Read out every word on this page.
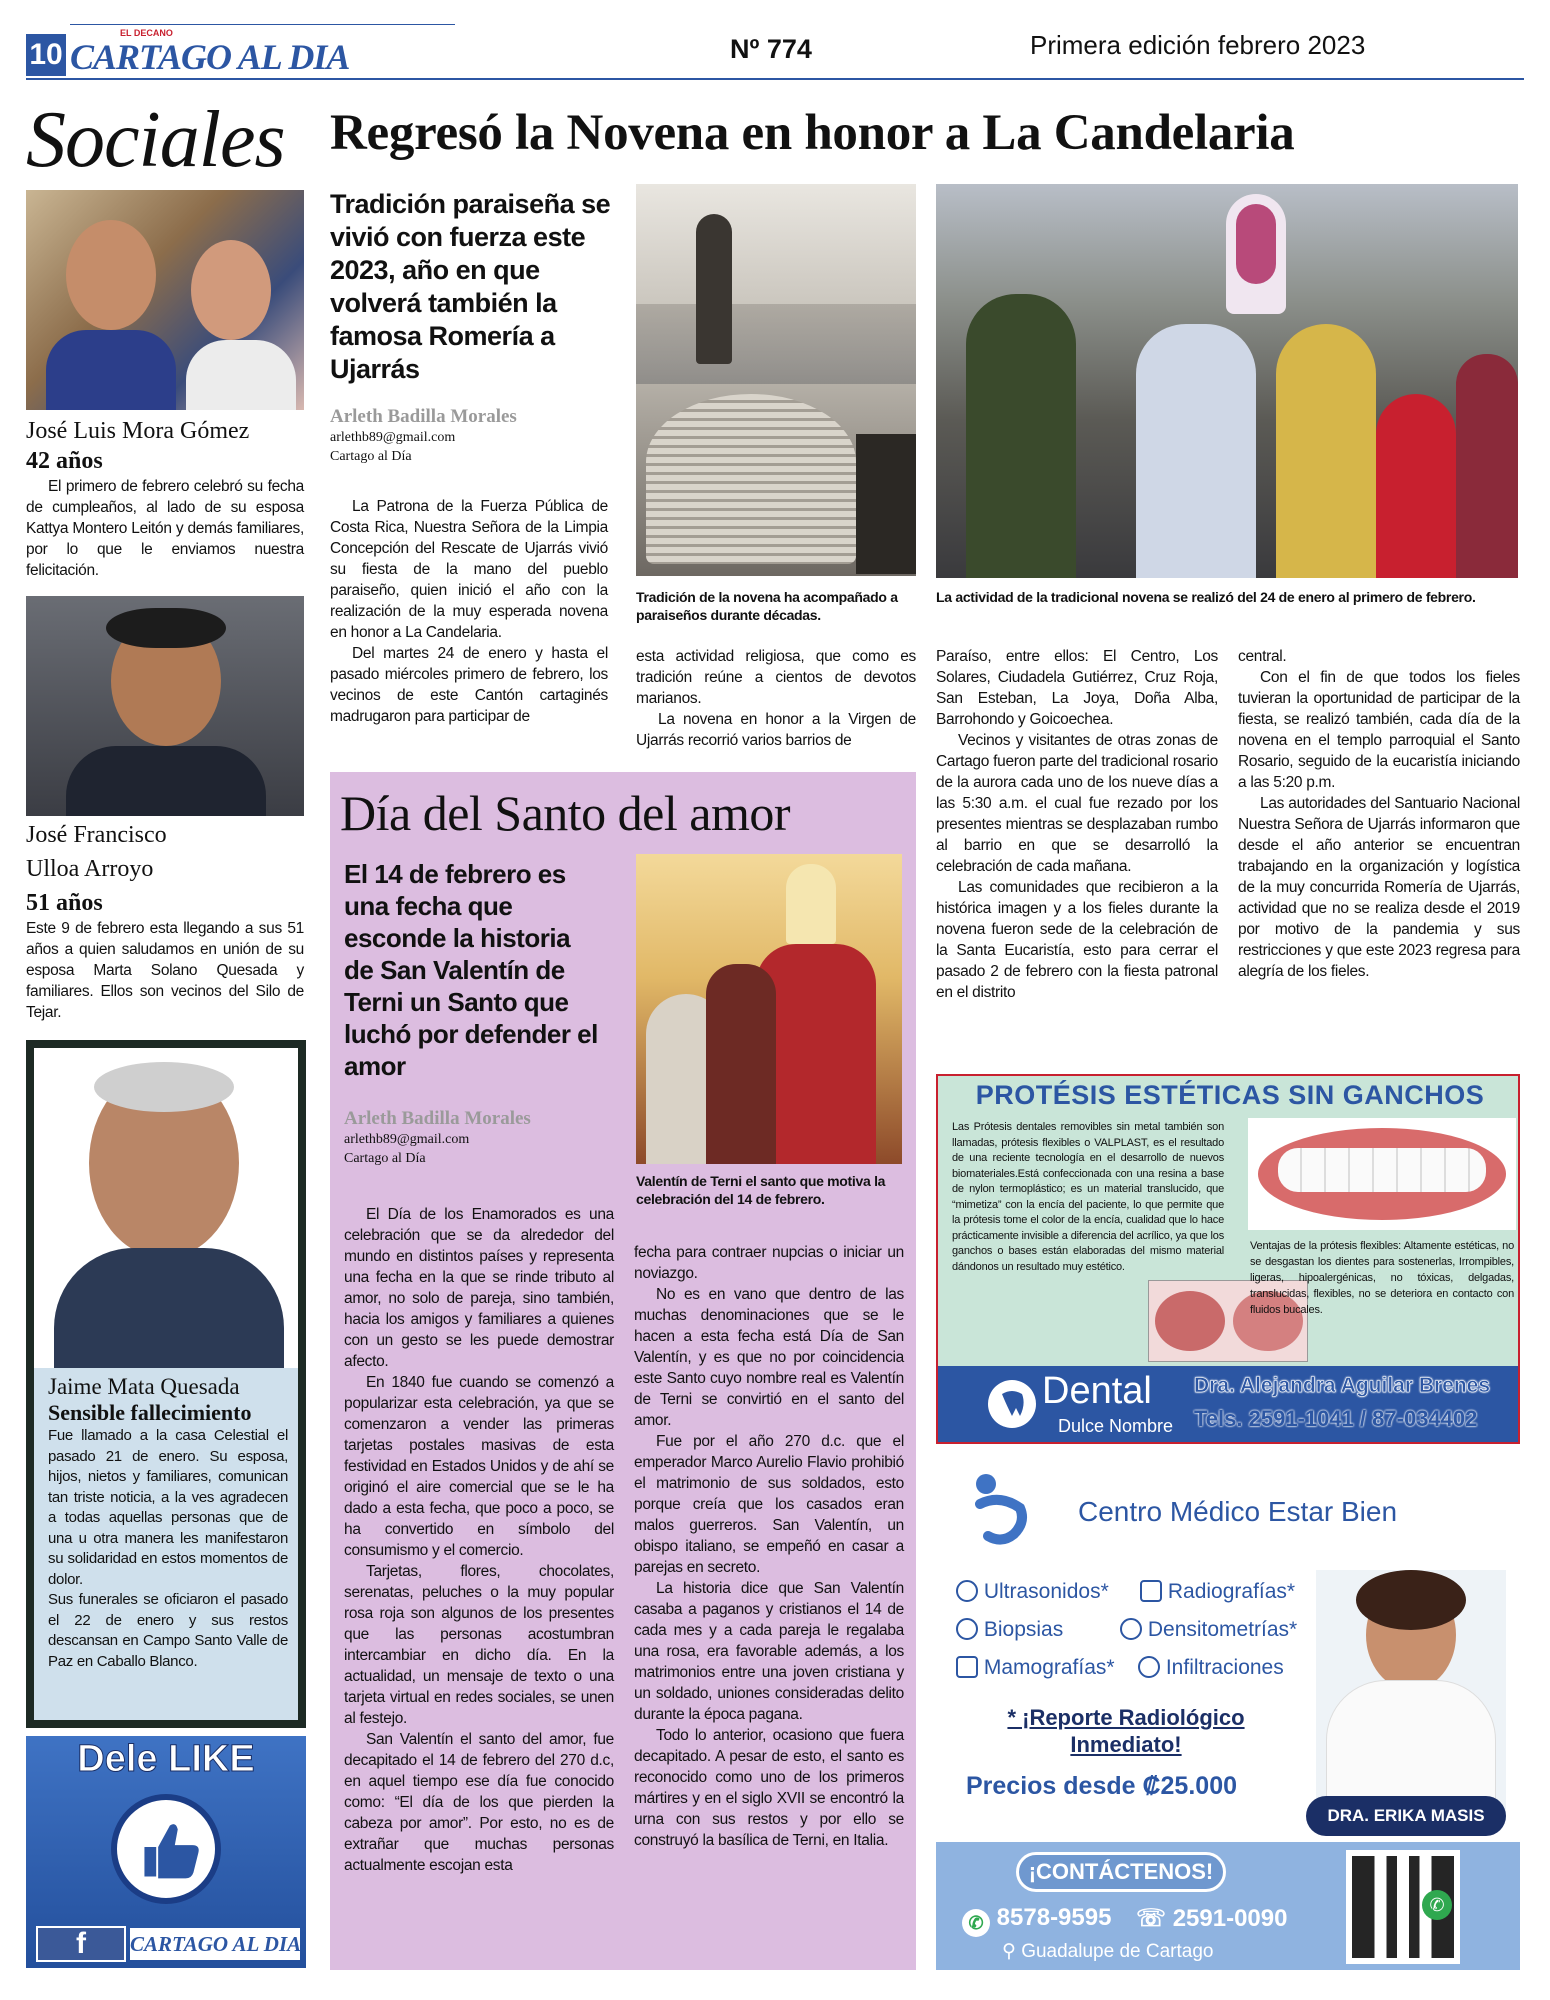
10
EL DECANO
CARTAGO AL DIA	Nº 774	Primera edición febrero 2023
Sociales
José Luis Mora Gómez
42 años

El primero de febrero celebró su fecha de cumpleaños, al lado de su esposa Kattya Montero Leitón y demás familiares, por lo que le enviamos nuestra felicitación.

José Francisco
Ulloa Arroyo
51 años

Este 9 de febrero esta llegando a sus 51 años a quien saludamos en unión de su esposa Marta Solano Quesada y familiares. Ellos son vecinos del Silo de Tejar.

Jaime Mata Quesada
Sensible fallecimiento

Fue llamado a la casa Celestial el pasado 21 de enero. Su esposa, hijos, nietos y familiares, comunican tan triste noticia, a la ves agradecen a todas aquellas personas que de una u otra manera les manifestaron su solidaridad en estos momentos de dolor.

Sus funerales se oficiaron el pasado el 22 de enero y sus restos descansan en Campo Santo Valle de Paz en Caballo Blanco.

Dele LIKE
f	CARTAGO AL DIA
Regresó la Novena en honor a La Candelaria
Tradición paraiseña se vivió con fuerza este 2023, año en que volverá también la famosa Romería a Ujarrás
Arleth Badilla Morales
arlethb89@gmail.com
Cartago al Día

La Patrona de la Fuerza Pública de Costa Rica, Nuestra Señora de la Limpia Concepción del Rescate de Ujarrás vivió su fiesta de la mano del pueblo paraiseño, quien inició el año con la realización de la muy esperada novena en honor a La Candelaria.

Del martes 24 de enero y hasta el pasado miércoles primero de febrero, los vecinos de este Cantón cartaginés madrugaron para participar de

Tradición de la novena ha acompañado a paraiseños durante décadas.
La actividad de la tradicional novena se realizó del 24 de enero al primero de febrero.

esta actividad religiosa, que como es tradición reúne a cientos de devotos marianos.

La novena en honor a la Virgen de Ujarrás recorrió varios barrios de

Paraíso, entre ellos: El Centro, Los Solares, Ciudadela Gutiérrez, Cruz Roja, San Esteban, La Joya, Doña Alba, Barrohondo y Goicoechea.

Vecinos y visitantes de otras zonas de Cartago fueron parte del tradicional rosario de la aurora cada uno de los nueve días a las 5:30 a.m. el cual fue rezado por los presentes mientras se desplazaban rumbo al barrio en que se desarrolló la celebración de cada mañana.

Las comunidades que recibieron a la histórica imagen y a los fieles durante la novena fueron sede de la celebración de la Santa Eucaristía, esto para cerrar el pasado 2 de febrero con la fiesta patronal en el distrito

central.

Con el fin de que todos los fieles tuvieran la oportunidad de participar de la fiesta, se realizó también, cada día de la novena en el templo parroquial el Santo Rosario, seguido de la eucaristía iniciando a las 5:20 p.m.

Las autoridades del Santuario Nacional Nuestra Señora de Ujarrás informaron que desde el año anterior se encuentran trabajando en la organización y logística de la muy concurrida Romería de Ujarrás, actividad que no se realiza desde el 2019 por motivo de la pandemia y sus restricciones y que este 2023 regresa para alegría de los fieles.

Día del Santo del amor
El 14 de febrero es una fecha que esconde la historia de San Valentín de Terni un Santo que luchó por defender el amor
Arleth Badilla Morales
arlethb89@gmail.com
Cartago al Día
Valentín de Terni el santo que motiva la celebración del 14 de febrero.

El Día de los Enamorados es una celebración que se da alrededor del mundo en distintos países y representa una fecha en la que se rinde tributo al amor, no solo de pareja, sino también, hacia los amigos y familiares a quienes con un gesto se les puede demostrar afecto.

En 1840 fue cuando se comenzó a popularizar esta celebración, ya que se comenzaron a vender las primeras tarjetas postales masivas de esta festividad en Estados Unidos y de ahí se originó el aire comercial que se le ha dado a esta fecha, que poco a poco, se ha convertido en símbolo del consumismo y el comercio.

Tarjetas, flores, chocolates, serenatas, peluches o la muy popular rosa roja son algunos de los presentes que las personas acostumbran intercambiar en dicho día. En la actualidad, un mensaje de texto o una tarjeta virtual en redes sociales, se unen al festejo.

San Valentín el santo del amor, fue decapitado el 14 de febrero del 270 d.c, en aquel tiempo ese día fue conocido como: “El día de los que pierden la cabeza por amor”. Por esto, no es de extrañar que muchas personas actualmente escojan esta

fecha para contraer nupcias o iniciar un noviazgo.

No es en vano que dentro de las muchas denominaciones que se le hacen a esta fecha está Día de San Valentín, y es que no por coincidencia este Santo cuyo nombre real es Valentín de Terni se convirtió en el santo del amor.

Fue por el año 270 d.c. que el emperador Marco Aurelio Flavio prohibió el matrimonio de sus soldados, esto porque creía que los casados eran malos guerreros. San Valentín, un obispo italiano, se empeñó en casar a parejas en secreto.

La historia dice que San Valentín casaba a paganos y cristianos el 14 de cada mes y a cada pareja le regalaba una rosa, era favorable además, a los matrimonios entre una joven cristiana y un soldado, uniones consideradas delito durante la época pagana.

Todo lo anterior, ocasiono que fuera decapitado. A pesar de esto, el santo es reconocido como uno de los primeros mártires y en el siglo XVII se encontró la urna con sus restos y por ello se construyó la basílica de Terni, en Italia.

PROTÉSIS ESTÉTICAS SIN GANCHOS
Las Prótesis dentales removibles sin metal también son llamadas, prótesis flexibles o VALPLAST, es el resultado de una reciente tecnología en el desarrollo de nuevos biomateriales.Está confeccionada con una resina a base de nylon termoplástico; es un material translucido, que “mimetiza” con la encía del paciente, lo que permite que la prótesis tome el color de la encía, cualidad que lo hace prácticamente invisible a diferencia del acrílico, ya que los ganchos o bases están elaboradas del mismo material dándonos un resultado muy estético.
Ventajas de la prótesis flexibles: Altamente estéticas, no se desgastan los dientes para sostenerlas, Irrompibles, ligeras, hipoalergénicas, no tóxicas, delgadas, translucidas, flexibles, no se deteriora en contacto con fluidos bucales.
Dental
Dulce Nombre
Dra. Alejandra Aguilar Brenes
Tels. 2591-1041 / 87-034402
Centro Médico Estar Bien
Ultrasonidos*	Radiografías*
Biopsias	Densitometrías*
Mamografías*	Infiltraciones
* ¡Reporte Radiológico Inmediato!
Precios desde ₡25.000
DRA. ERIKA MASIS
¡CONTÁCTENOS!
✆ 8578-9595 ☏ 2591-0090
⚲ Guadalupe de Cartago
✆
